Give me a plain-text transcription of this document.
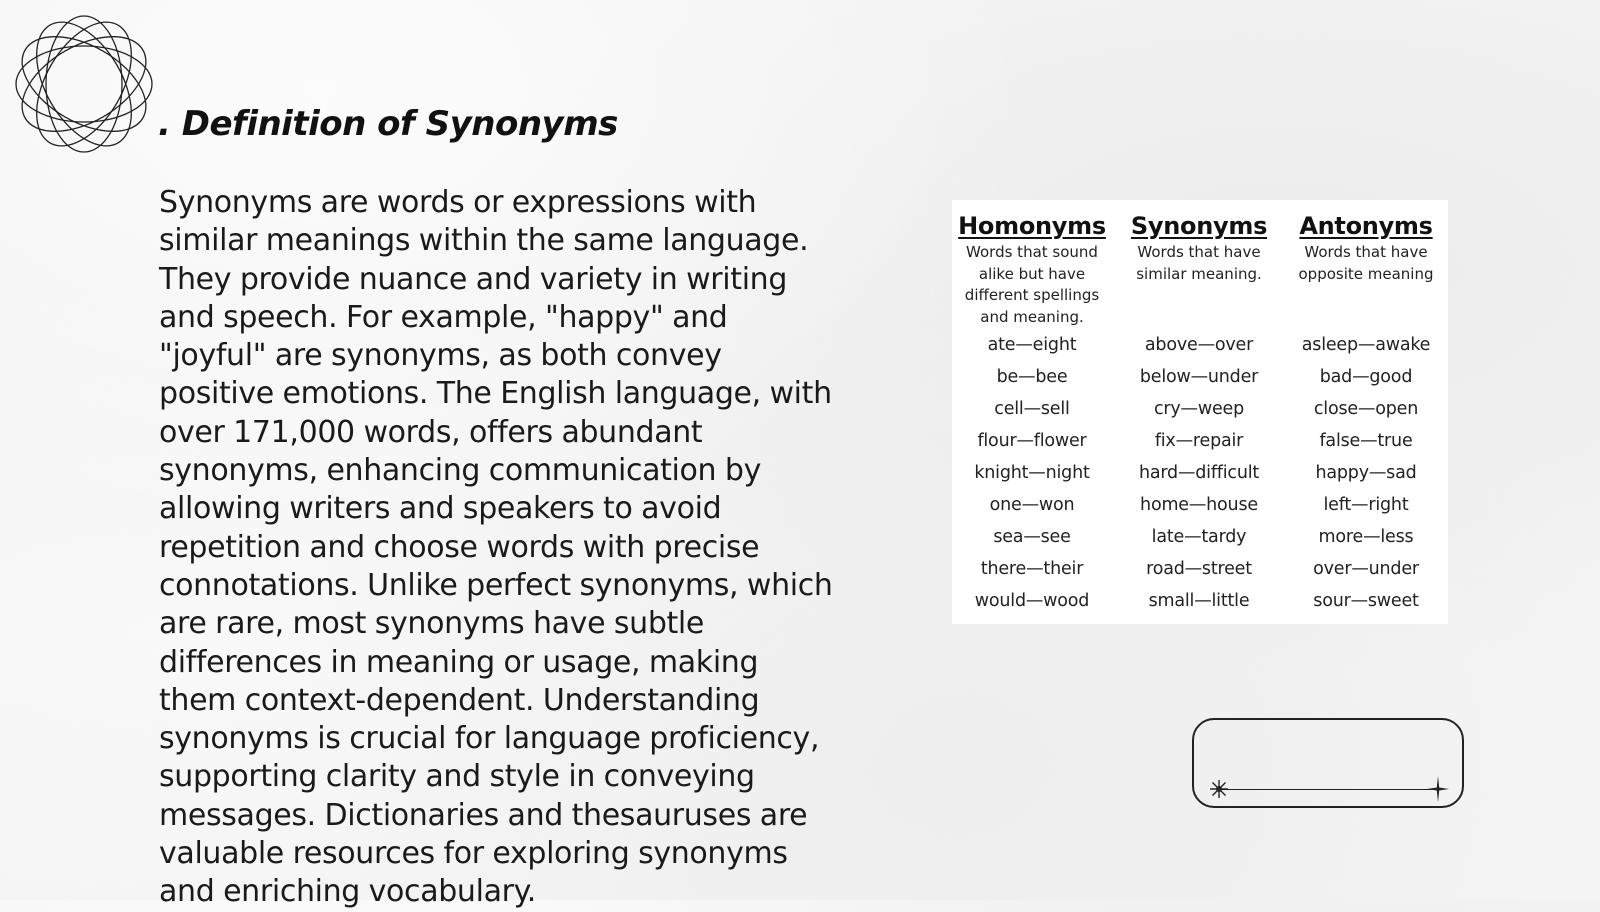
. Definition of Synonyms

Synonyms are words or expressions with similar meanings within the same language. They provide nuance and variety in writing and speech. For example, "happy" and "joyful" are synonyms, as both convey positive emotions. The English language, with over 171,000 words, offers abundant synonyms, enhancing communication by allowing writers and speakers to avoid repetition and choose words with precise connotations. Unlike perfect synonyms, which are rare, most synonyms have subtle differences in meaning or usage, making them context-dependent. Understanding synonyms is crucial for language proficiency, supporting clarity and style in conveying messages. Dictionaries and thesauruses are valuable resources for exploring synonyms and enriching vocabulary.

Homonyms
Words that sound alike but have different spellings and meaning.
ate—eight
be—bee
cell—sell
flour—flower
knight—night
one—won
sea—see
there—their
would—wood
Synonyms
Words that have similar meaning.
above—over
below—under
cry—weep
fix—repair
hard—difficult
home—house
late—tardy
road—street
small—little
Antonyms
Words that have opposite meaning
asleep—awake
bad—good
close—open
false—true
happy—sad
left—right
more—less
over—under
sour—sweet
